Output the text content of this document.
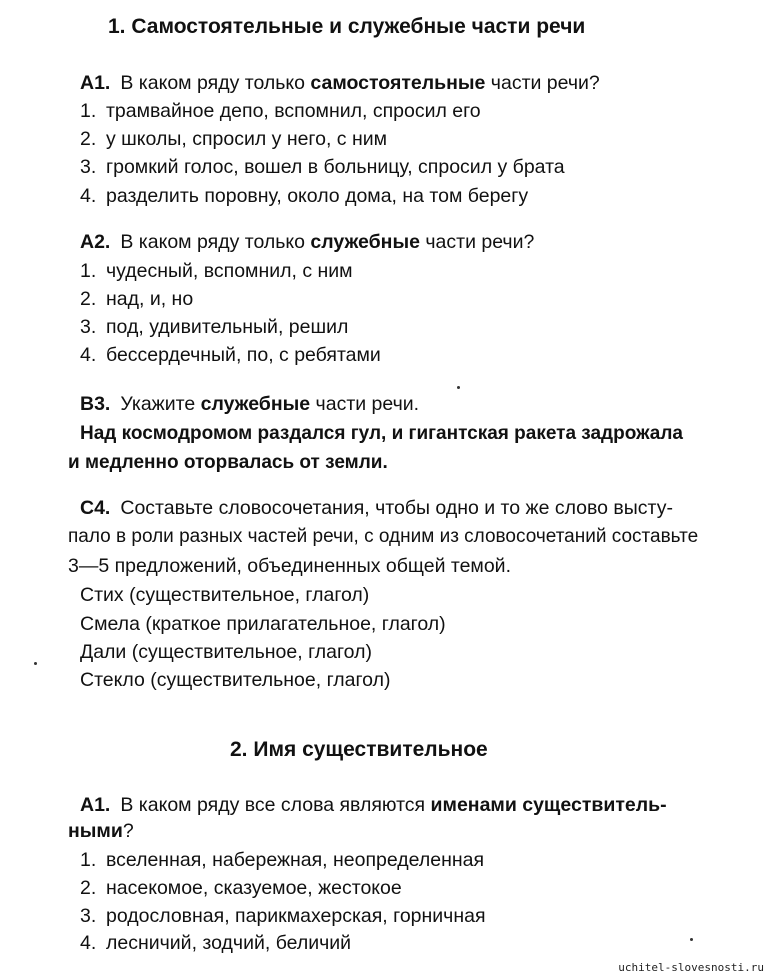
1. Самостоятельные и служебные части речи
А1. В каком ряду только самостоятельные части речи?
1. трамвайное депо, вспомнил, спросил его
2. у школы, спросил у него, с ним
3. громкий голос, вошел в больницу, спросил у брата
4. разделить поровну, около дома, на том берегу
А2. В каком ряду только служебные части речи?
1. чудесный, вспомнил, с ним
2. над, и, но
3. под, удивительный, решил
4. бессердечный, по, с ребятами
В3. Укажите служебные части речи.
Над космодромом раздался гул, и гигантская ракета задрожала
и медленно оторвалась от земли.
С4. Составьте словосочетания, чтобы одно и то же слово высту-
пало в роли разных частей речи, с одним из словосочетаний составьте
3—5 предложений, объединенных общей темой.
Стих (существительное, глагол)
Смела (краткое прилагательное, глагол)
Дали (существительное, глагол)
Стекло (существительное, глагол)
2. Имя существительное
А1. В каком ряду все слова являются именами существитель-
ными?
1. вселенная, набережная, неопределенная
2. насекомое, сказуемое, жестокое
3. родословная, парикмахерская, горничная
4. лесничий, зодчий, беличий
uchitel-slovesnosti.ru
